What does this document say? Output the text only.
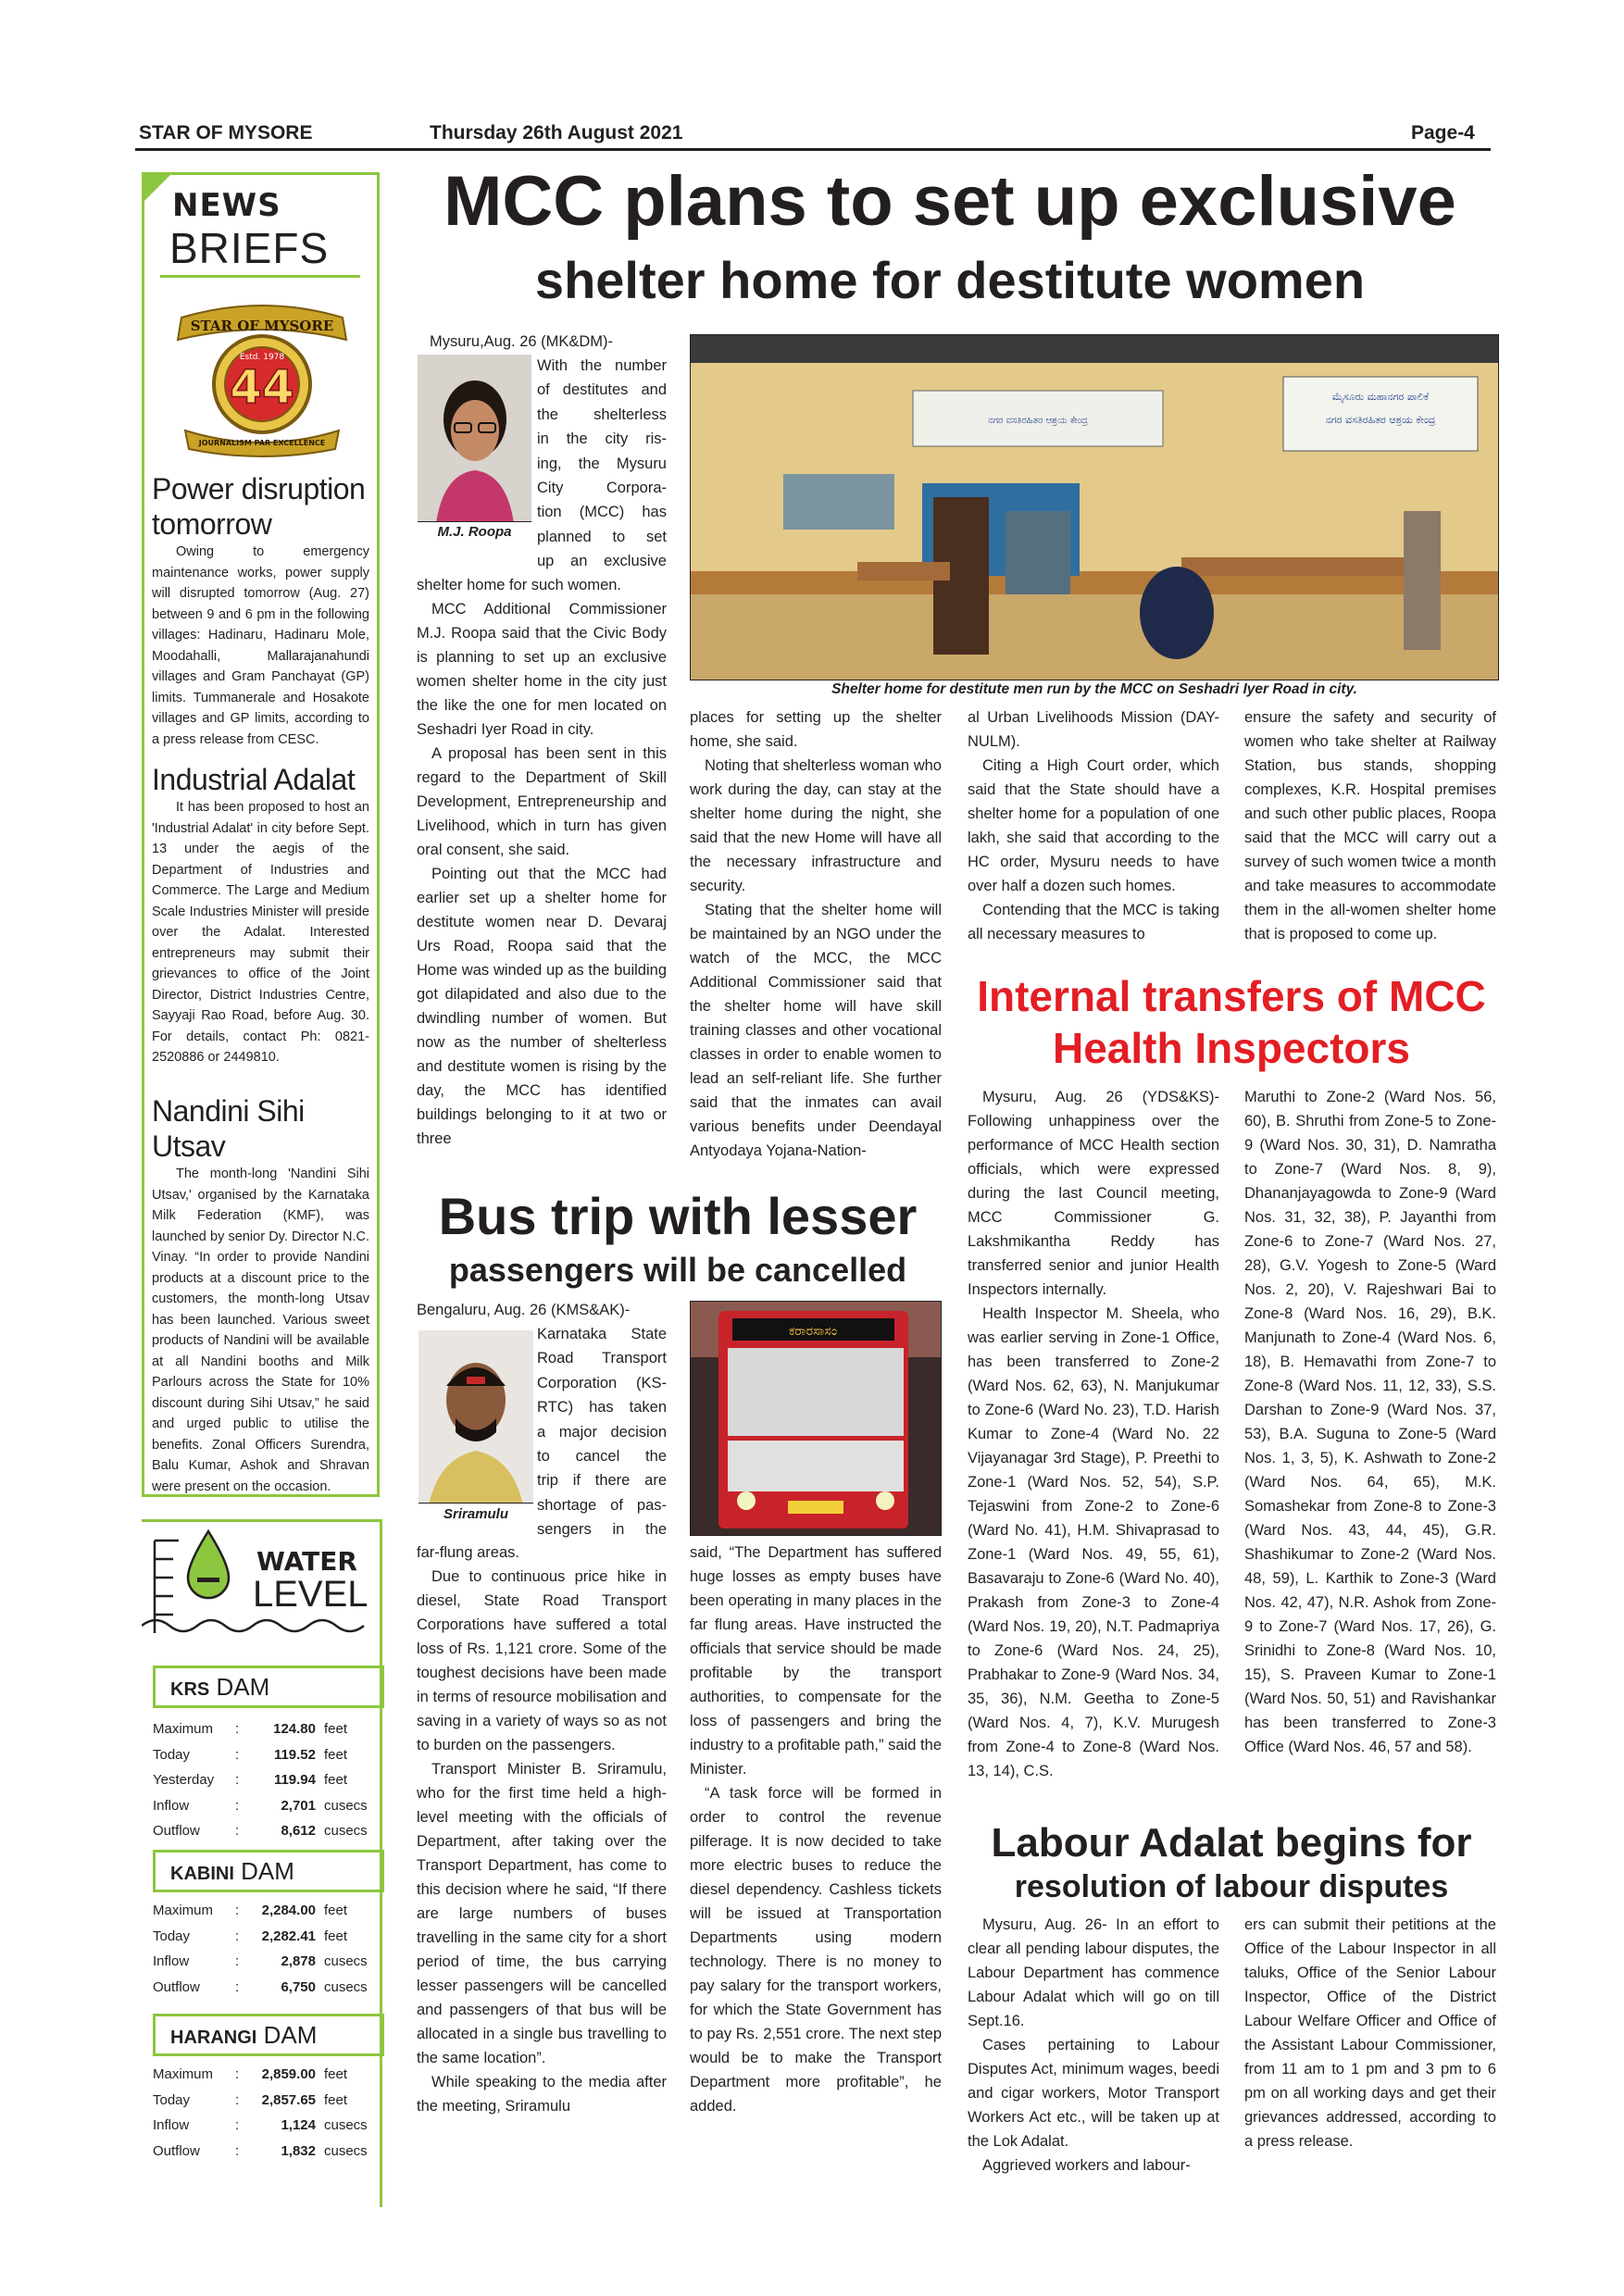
STAR OF MYSORE	Thursday 26th August 2021	Page-4
NEWS
BRIEFS
STAR OF MYSORE
Estd. 1978
44
JOURNALISM PAR EXCELLENCE
Power disruption tomorrow

Owing to emergency maintenance works, power supply will disrupted tomorrow (Aug. 27) between 9 and 6 pm in the following villages: Hadinaru, Hadinaru Mole, Moodahalli, Mallarajanahundi villages and Gram Panchayat (GP) limits. Tummanerale and Hosakote villages and GP limits, according to a press release from CESC.

Industrial Adalat

It has been proposed to host an 'Industrial Adalat' in city before Sept. 13 under the aegis of the Department of Industries and Commerce. The Large and Medium Scale Industries Minister will preside over the Adalat. Interested entrepreneurs may submit their grievances to office of the Joint Director, District Industries Centre, Sayyaji Rao Road, before Aug. 30. For details, contact Ph: 0821-2520886 or 2449810.

Nandini Sihi Utsav

The month-long 'Nandini Sihi Utsav,' organised by the Karnataka Milk Federation (KMF), was launched by senior Dy. Director N.C. Vinay. “In order to provide Nandini products at a discount price to the customers, the month-long Utsav has been launched. Various sweet products of Nandini will be available at all Nandini booths and Milk Parlours across the State for 10% discount during Sihi Utsav,” he said and urged public to utilise the benefits. Zonal Officers Surendra, Balu Kumar, Ashok and Shravan were present on the occasion.

WATER
LEVEL
KRS DAM
Maximum :	124.80 feet
Today	:	119.52 feet
Yesterday :	119.94 feet
Inflow	:	2,701 cusecs
Outflow	:	8,612 cusecs
KABINI DAM
Maximum :	2,284.00 feet
Today	:	2,282.41 feet
Inflow	:	2,878 cusecs
Outflow	:	6,750 cusecs
HARANGI DAM
Maximum :	2,859.00 feet
Today	:	2,857.65 feet
Inflow	:	1,124 cusecs
Outflow	:	1,832 cusecs
MCC plans to set up exclusive
shelter home for destitute women
M.J. Roopa
Mysuru,Aug. 26 (MK&DM)-
With the number
of destitutes and
the shelterless
in the city ris-
ing, the Mysuru
City Corpora-
tion (MCC) has
planned to set
up an exclusive

shelter home for such women.

MCC Additional Commissioner M.J. Roopa said that the Civic Body is planning to set up an exclusive women shelter home in the city just the like the one for men located on Seshadri Iyer Road in city.

A proposal has been sent in this regard to the Department of Skill Development, Entrepreneurship and Livelihood, which in turn has given oral consent, she said.

Pointing out that the MCC had earlier set up a shelter home for destitute women near D. Devaraj Urs Road, Roopa said that the Home was winded up as the building got dilapidated and also due to the dwindling number of women. But now as the number of shelterless and destitute women is rising by the day, the MCC has identified buildings belonging to it at two or three

ಮೈಸೂರು ಮಹಾನಗರ ಪಾಲಿಕೆ
ನಗರ ವಸತಿರಹಿತರ ಆಶ್ರಯ ಕೇಂದ್ರ
ನಗರ ವಸತಿರಹಿತರ ಆಶ್ರಯ ಕೇಂದ್ರ
Shelter home for destitute men run by the MCC on Seshadri Iyer Road in city.

places for setting up the shelter home, she said.

Noting that shelterless woman who work during the day, can stay at the shelter home during the night, she said that the new Home will have all the necessary infrastructure and security.

Stating that the shelter home will be maintained by an NGO under the watch of the MCC, the MCC Additional Commissioner said that the shelter home will have skill training classes and other vocational classes in order to enable women to lead an self-reliant life. She further said that the inmates can avail various benefits under Deendayal Antyodaya Yojana-Nation-

al Urban Livelihoods Mission (DAY-NULM).

Citing a High Court order, which said that the State should have a shelter home for a population of one lakh, she said that according to the HC order, Mysuru needs to have over half a dozen such homes.

Contending that the MCC is taking all necessary measures to

ensure the safety and security of women who take shelter at Railway Station, bus stands, shopping complexes, K.R. Hospital premises and such other public places, Roopa said that the MCC will carry out a survey of such women twice a month and take measures to accommodate them in the all-women shelter home that is proposed to come up.

Bus trip with lesser
passengers will be cancelled
Sriramulu
Bengaluru, Aug. 26 (KMS&AK)-
Karnataka State
Road Transport
Corporation (KS-
RTC) has taken
a major decision
to cancel the
trip if there are
shortage of pas-
sengers in the

far-flung areas.

Due to continuous price hike in diesel, State Road Transport Corporations have suffered a total loss of Rs. 1,121 crore. Some of the toughest decisions have been made in terms of resource mobilisation and saving in a variety of ways so as not to burden on the passengers.

Transport Minister B. Sriramulu, who for the first time held a high-level meeting with the officials of Department, after taking over the Transport Department, has come to this decision where he said, “If there are large numbers of buses travelling in the same city for a short period of time, the bus carrying lesser passengers will be cancelled and passengers of that bus will be allocated in a single bus travelling to the same location”.

While speaking to the media after the meeting, Sriramulu

ಕರಾರಸಾಸಂ

said, “The Department has suffered huge losses as empty buses have been operating in many places in the far flung areas. Have instructed the officials that service should be made profitable by the transport authorities, to compensate for the loss of passengers and bring the industry to a profitable path,” said the Minister.

“A task force will be formed in order to control the revenue pilferage. It is now decided to take more electric buses to reduce the diesel dependency. Cashless tickets will be issued at Transportation Departments using modern technology. There is no money to pay salary for the transport workers, for which the State Government has to pay Rs. 2,551 crore. The next step would be to make the Transport Department more profitable”, he added.

Internal transfers of MCC
Health Inspectors

Mysuru, Aug. 26 (YDS&KS)- Following unhappiness over the performance of MCC Health section officials, which were expressed during the last Council meeting, MCC Commissioner G. Lakshmikantha Reddy has transferred senior and junior Health Inspectors internally.

Health Inspector M. Sheela, who was earlier serving in Zone-1 Office, has been transferred to Zone-2 (Ward Nos. 62, 63), N. Manjukumar to Zone-6 (Ward No. 23), T.D. Harish Kumar to Zone-4 (Ward No. 22 Vijayanagar 3rd Stage), P. Preethi to Zone-1 (Ward Nos. 52, 54), S.P. Tejaswini from Zone-2 to Zone-6 (Ward No. 41), H.M. Shivaprasad to Zone-1 (Ward Nos. 49, 55, 61), Basavaraju to Zone-6 (Ward No. 40), Prakash from Zone-3 to Zone-4 (Ward Nos. 19, 20), N.T. Padmapriya to Zone-6 (Ward Nos. 24, 25), Prabhakar to Zone-9 (Ward Nos. 34, 35, 36), N.M. Geetha to Zone-5 (Ward Nos. 4, 7), K.V. Murugesh from Zone-4 to Zone-8 (Ward Nos. 13, 14), C.S.

Maruthi to Zone-2 (Ward Nos. 56, 60), B. Shruthi from Zone-5 to Zone-9 (Ward Nos. 30, 31), D. Namratha to Zone-7 (Ward Nos. 8, 9), Dhananjayagowda to Zone-9 (Ward Nos. 31, 32, 38), P. Jayanthi from Zone-6 to Zone-7 (Ward Nos. 27, 28), G.V. Yogesh to Zone-5 (Ward Nos. 2, 20), V. Rajeshwari Bai to Zone-8 (Ward Nos. 16, 29), B.K. Manjunath to Zone-4 (Ward Nos. 6, 18), B. Hemavathi from Zone-7 to Zone-8 (Ward Nos. 11, 12, 33), S.S. Darshan to Zone-9 (Ward Nos. 37, 53), B.A. Suguna to Zone-5 (Ward Nos. 1, 3, 5), K. Ashwath to Zone-2 (Ward Nos. 64, 65), M.K. Somashekar from Zone-8 to Zone-3 (Ward Nos. 43, 44, 45), G.R. Shashikumar to Zone-2 (Ward Nos. 48, 59), L. Karthik to Zone-3 (Ward Nos. 42, 47), N.R. Ashok from Zone-9 to Zone-7 (Ward Nos. 17, 26), G. Srinidhi to Zone-8 (Ward Nos. 10, 15), S. Praveen Kumar to Zone-1 (Ward Nos. 50, 51) and Ravishankar has been transferred to Zone-3 Office (Ward Nos. 46, 57 and 58).

Labour Adalat begins for
resolution of labour disputes

Mysuru, Aug. 26- In an effort to clear all pending labour disputes, the Labour Department has commence Labour Adalat which will go on till Sept.16.

Cases pertaining to Labour Disputes Act, minimum wages, beedi and cigar workers, Motor Transport Workers Act etc., will be taken up at the Lok Adalat.

Aggrieved workers and labour-

ers can submit their petitions at the Office of the Labour Inspector in all taluks, Office of the Senior Labour Inspector, Office of the District Labour Welfare Officer and Office of the Assistant Labour Commissioner, from 11 am to 1 pm and 3 pm to 6 pm on all working days and get their grievances addressed, according to a press release.
